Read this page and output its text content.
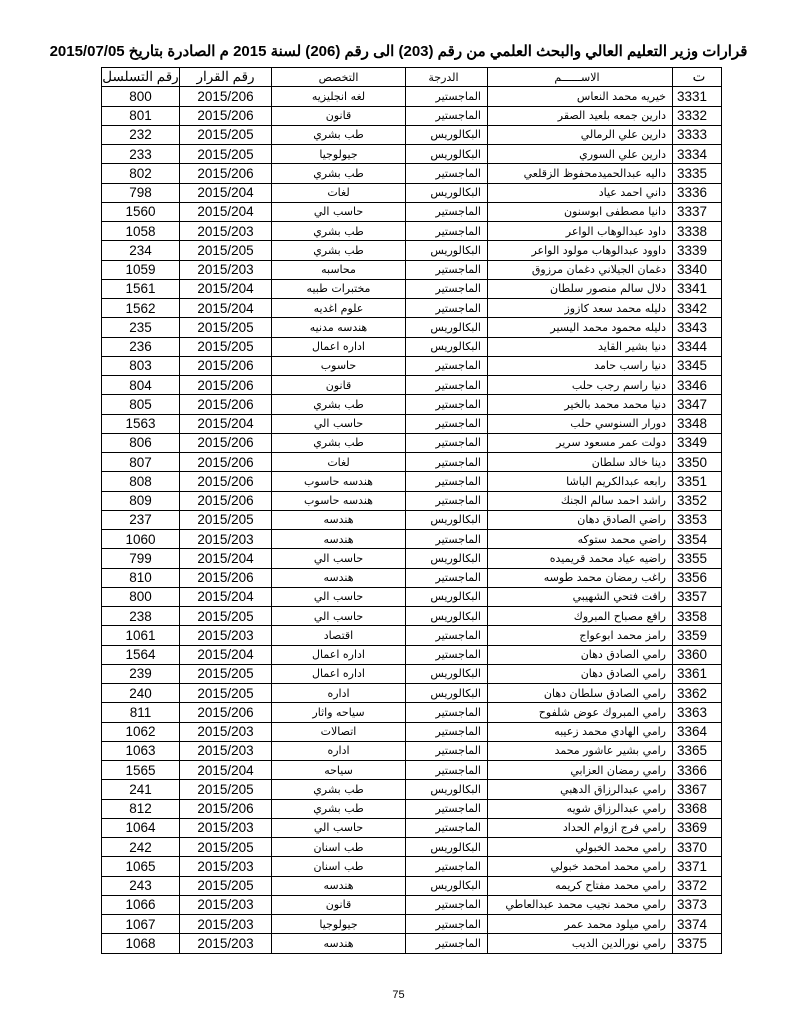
قرارات وزير التعليم العالي والبحث العلمي من رقم (203) الى رقم (206) لسنة 2015 م الصادرة بتاريخ 2015/07/05
رقم التسلسل	رقم القرار	التخصص	الدرجة	الاســــــم	ت
800	2015/206	لغه انجليزيه	الماجستير	خيريه محمد النعاس	3331
801	2015/206	قانون	الماجستير	دارين جمعه بلعيد الصقر	3332
232	2015/205	طب بشري	البكالوريس	دارين علي الرمالي	3333
233	2015/205	جيولوجيا	البكالوريس	دارين علي السوري	3334
802	2015/206	طب بشري	الماجستير	داليه عبدالحميدمحفوظ الزقلعي	3335
798	2015/204	لغات	البكالوريس	داني احمد عياد	3336
1560	2015/204	حاسب الي	الماجستير	دانيا مصطفى ابوسنون	3337
1058	2015/203	طب بشري	الماجستير	داود عبدالوهاب الواعر	3338
234	2015/205	طب بشري	البكالوريس	داوود عبدالوهاب مولود الواعر	3339
1059	2015/203	محاسبه	الماجستير	دغمان الجيلاني دغمان مرزوق	3340
1561	2015/204	مختبرات طبيه	الماجستير	دلال سالم منصور سلطان	3341
1562	2015/204	علوم اغديه	الماجستير	دليله محمد سعد كازوز	3342
235	2015/205	هندسه مدنيه	البكالوريس	دليله محمود محمد اليسير	3343
236	2015/205	اداره اعمال	البكالوريس	دنيا بشير القايد	3344
803	2015/206	حاسوب	الماجستير	دنيا راسب حامد	3345
804	2015/206	قانون	الماجستير	دنيا راسم رجب حلب	3346
805	2015/206	طب بشري	الماجستير	دنيا محمد محمد بالخير	3347
1563	2015/204	حاسب الي	الماجستير	دورار السنوسي حلب	3348
806	2015/206	طب بشري	الماجستير	دولت عمر مسعود سرير	3349
807	2015/206	لغات	الماجستير	دينا خالد سلطان	3350
808	2015/206	هندسه حاسوب	الماجستير	رابعه عبدالكريم الباشا	3351
809	2015/206	هندسه حاسوب	الماجستير	راشد احمد سالم الجنك	3352
237	2015/205	هندسه	البكالوريس	راضي الصادق دهان	3353
1060	2015/203	هندسه	الماجستير	راضي محمد ستوكه	3354
799	2015/204	حاسب الي	البكالوريس	راضيه عياد محمد قريميده	3355
810	2015/206	هندسه	الماجستير	راغب رمضان محمد طوسه	3356
800	2015/204	حاسب الي	البكالوريس	رافت فتحي الشهيبي	3357
238	2015/205	حاسب الي	البكالوريس	رافع مصباح المبروك	3358
1061	2015/203	اقتصاد	الماجستير	رامز محمد ابوعواج	3359
1564	2015/204	اداره اعمال	الماجستير	رامي الصادق دهان	3360
239	2015/205	اداره اعمال	البكالوريس	رامي الصادق دهان	3361
240	2015/205	اداره	البكالوريس	رامي الصادق سلطان دهان	3362
811	2015/206	سياحه واثار	الماجستير	رامي المبروك عوض شلفوح	3363
1062	2015/203	اتصالات	الماجستير	رامي الهادي محمد زعيبه	3364
1063	2015/203	اداره	الماجستير	رامي بشير عاشور محمد	3365
1565	2015/204	سياحه	الماجستير	رامي رمضان العزابي	3366
241	2015/205	طب بشري	البكالوريس	رامي عبدالرزاق الدهبي	3367
812	2015/206	طب بشري	الماجستير	رامي عبدالرزاق شويه	3368
1064	2015/203	حاسب الي	الماجستير	رامي فرج ازوام الحداد	3369
242	2015/205	طب اسنان	البكالوريس	رامي محمد الخبولي	3370
1065	2015/203	طب اسنان	الماجستير	رامي محمد امحمد خبولي	3371
243	2015/205	هندسه	البكالوريس	رامي محمد مفتاح كريمه	3372
1066	2015/203	قانون	الماجستير	رامي محمد نجيب محمد عبدالعاطي	3373
1067	2015/203	جيولوجيا	الماجستير	رامي ميلود محمد عمر	3374
1068	2015/203	هندسه	الماجستير	رامي نورالدين الديب	3375
75
